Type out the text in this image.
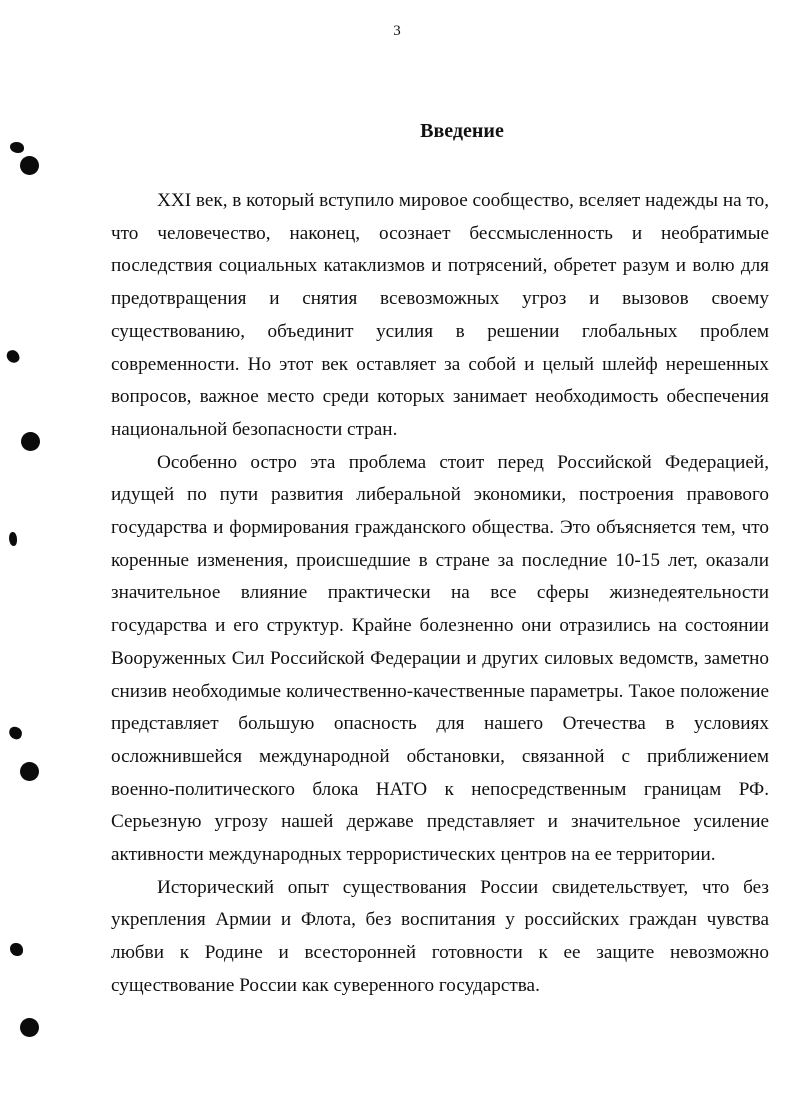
3
Введение

XXI век, в который вступило мировое сообщество, вселяет надежды на то, что человечество, наконец, осознает бессмысленность и необратимые последствия социальных катаклизмов и потрясений, обретет разум и волю для предотвращения и снятия всевозможных угроз и вызовов своему существованию, объединит усилия в решении глобальных проблем современности. Но этот век оставляет за собой и целый шлейф нерешенных вопросов, важное место среди которых занимает необходимость обеспечения национальной безопасности стран.

Особенно остро эта проблема стоит перед Российской Федерацией, идущей по пути развития либеральной экономики, построения правового государства и формирования гражданского общества. Это объясняется тем, что коренные изменения, происшедшие в стране за последние 10-15 лет, оказали значительное влияние практически на все сферы жизнедеятельности государства и его структур. Крайне болезненно они отразились на состоянии Вооруженных Сил Российской Федерации и других силовых ведомств, заметно снизив необходимые количественно-качественные параметры. Такое положение представляет большую опасность для нашего Отечества в условиях осложнившейся международной обстановки, связанной с приближением военно-политического блока НАТО к непосредственным границам РФ. Серьезную угрозу нашей державе представляет и значительное усиление активности международных террористических центров на ее территории.

Исторический опыт существования России свидетельствует, что без укрепления Армии и Флота, без воспитания у российских граждан чувства любви к Родине и всесторонней готовности к ее защите невозможно существование России как суверенного государства.
